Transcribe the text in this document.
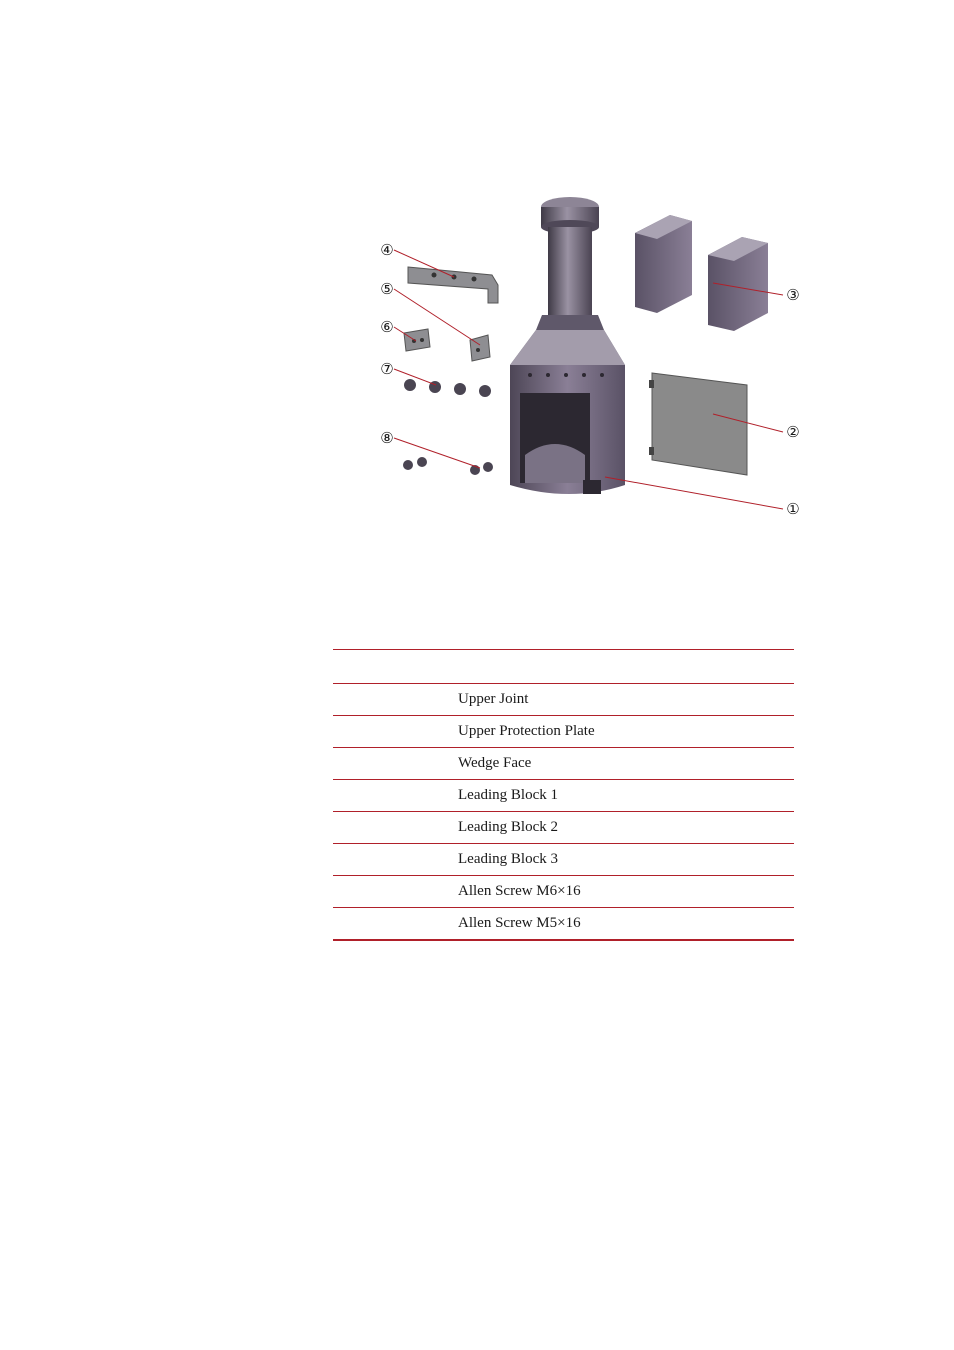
①
②
③
④
⑤
⑥
⑦
⑧

	Upper Joint
	Upper Protection Plate
	Wedge Face
	Leading Block 1
	Leading Block 2
	Leading Block 3
	Allen Screw M6×16
	Allen Screw M5×16
